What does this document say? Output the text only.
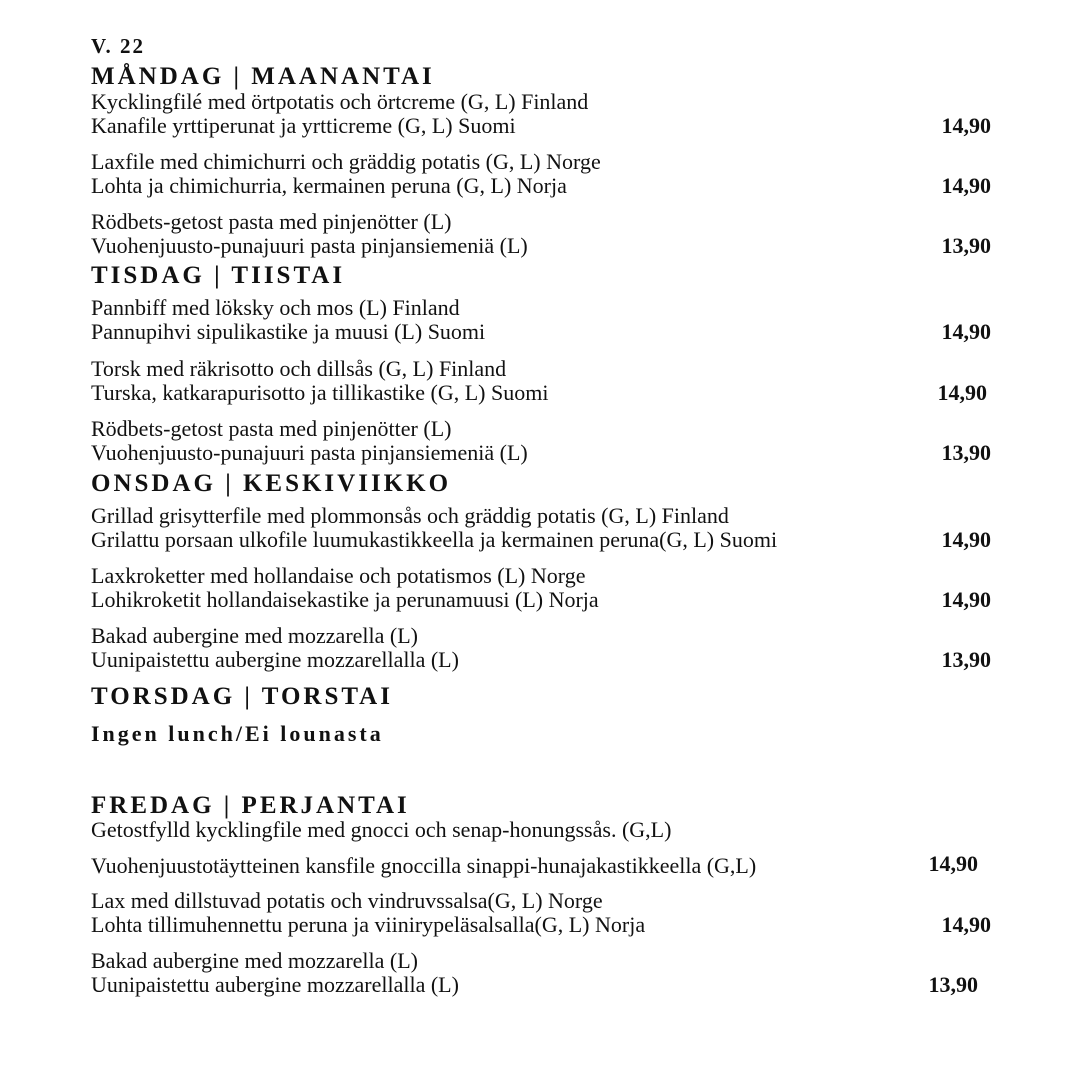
V. 22
MÅNDAG | MAANANTAI
Kycklingfilé med örtpotatis och örtcreme (G, L) Finland
Kanafile yrttiperunat ja yrtticreme (G, L) Suomi	14,90
Laxfile med chimichurri och gräddig potatis (G, L) Norge
Lohta ja chimichurria, kermainen peruna (G, L) Norja	14,90
Rödbets-getost pasta med pinjenötter (L)
Vuohenjuusto-punajuuri pasta pinjansiemeniä (L)	13,90
TISDAG | TIISTAI
Pannbiff med löksky och mos (L) Finland
Pannupihvi sipulikastike ja muusi (L) Suomi	14,90
Torsk med räkrisotto och dillsås (G, L) Finland
Turska, katkarapurisotto ja tillikastike (G, L) Suomi	14,90
Rödbets-getost pasta med pinjenötter (L)
Vuohenjuusto-punajuuri pasta pinjansiemeniä (L)	13,90
ONSDAG | KESKIVIIKKO
Grillad grisytterfile med plommonsås och gräddig potatis (G, L) Finland
Grilattu porsaan ulkofile luumukastikkeella ja kermainen peruna(G, L) Suomi	14,90
Laxkroketter med hollandaise och potatismos (L) Norge
Lohikroketit hollandaisekastike ja perunamuusi (L) Norja	14,90
Bakad aubergine med mozzarella (L)
Uunipaistettu aubergine mozzarellalla (L)	13,90
TORSDAG | TORSTAI
Ingen lunch/Ei lounasta
FREDAG | PERJANTAI
Getostfylld kycklingfile med gnocci och senap-honungssås. (G,L)
Vuohenjuustotäytteinen kansfile gnoccilla sinappi-hunajakastikkeella (G,L)	14,90
Lax med dillstuvad potatis och vindruvssalsa(G, L) Norge
Lohta tillimuhennettu peruna ja viinirypeläsalsalla(G, L) Norja	14,90
Bakad aubergine med mozzarella (L)
Uunipaistettu aubergine mozzarellalla (L)	13,90
